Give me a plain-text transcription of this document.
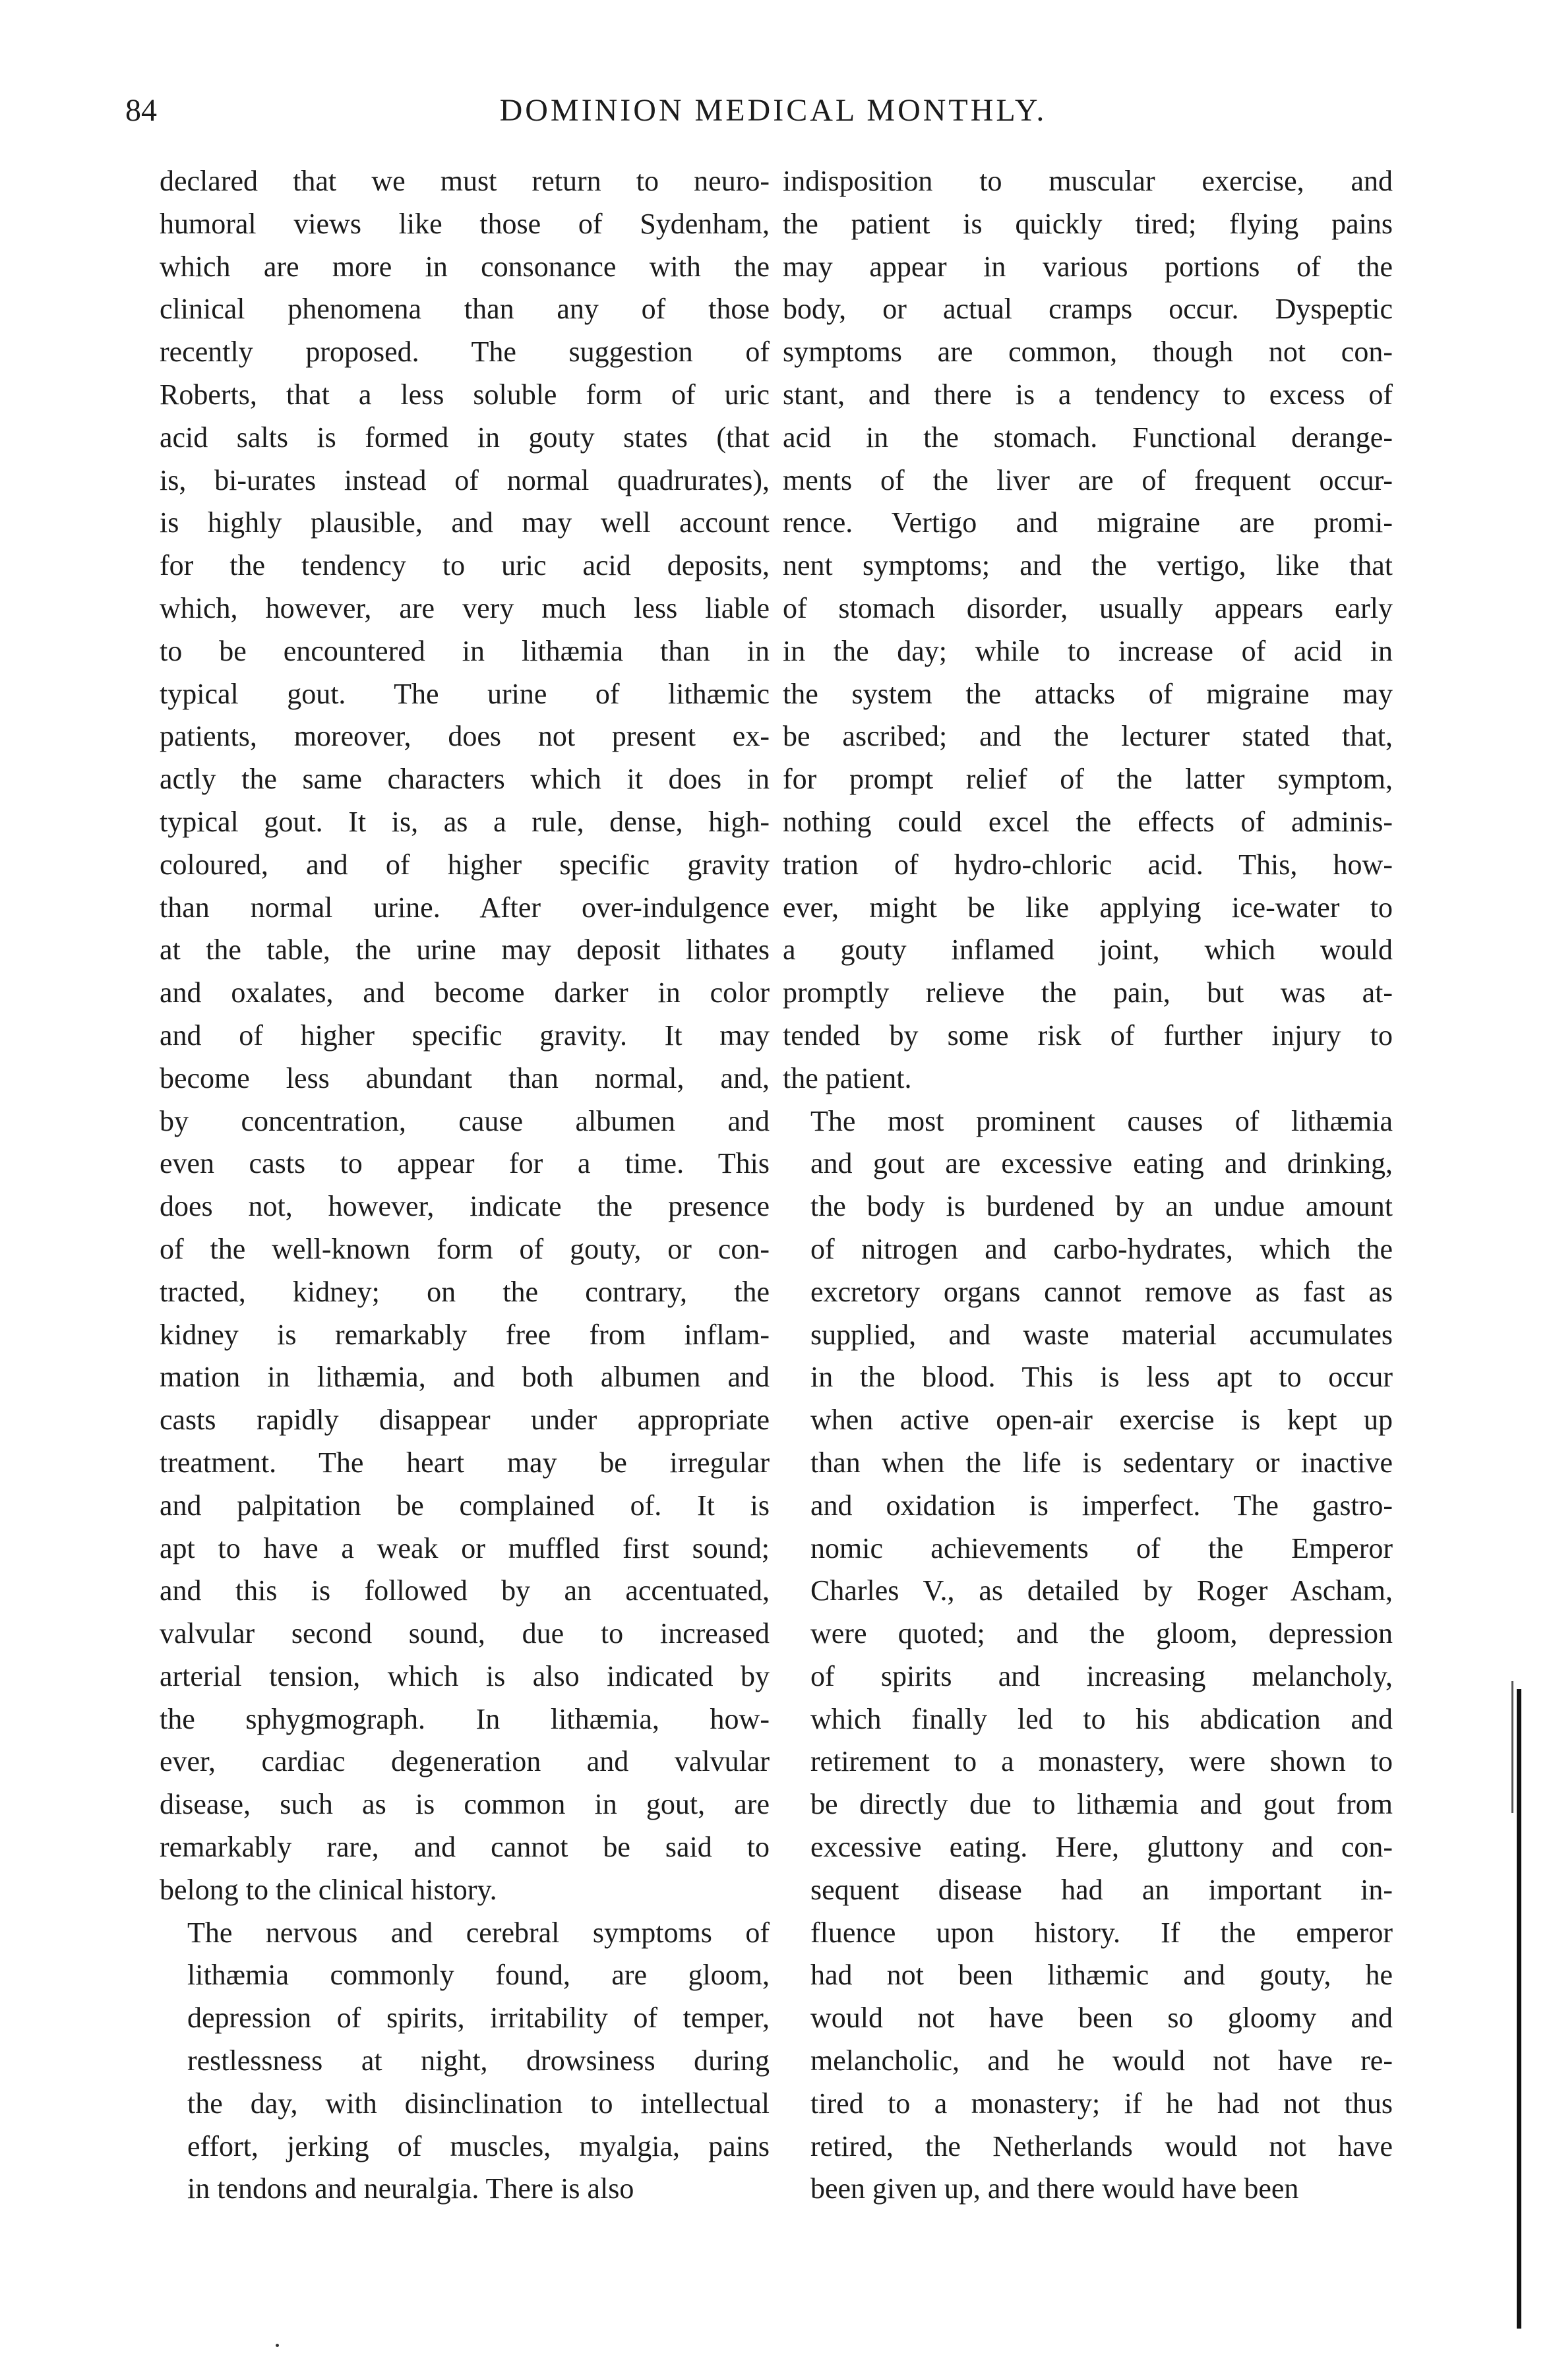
84	DOMINION MEDICAL MONTHLY.

declared that we must return to neuro-
humoral views like those of Sydenham,
which are more in consonance with the
clinical phenomena than any of those
recently proposed. The suggestion of
Roberts, that a less soluble form of uric
acid salts is formed in gouty states (that
is, bi-urates instead of normal quadrurates),
is highly plausible, and may well account
for the tendency to uric acid deposits,
which, however, are very much less liable
to be encountered in lithæmia than in
typical gout. The urine of lithæmic
patients, moreover, does not present ex-
actly the same characters which it does in
typical gout. It is, as a rule, dense, high-
coloured, and of higher specific gravity
than normal urine. After over-indulgence
at the table, the urine may deposit lithates
and oxalates, and become darker in color
and of higher specific gravity. It may
become less abundant than normal, and,
by concentration, cause albumen and
even casts to appear for a time. This
does not, however, indicate the presence
of the well-known form of gouty, or con-
tracted, kidney; on the contrary, the
kidney is remarkably free from inflam-
mation in lithæmia, and both albumen and
casts rapidly disappear under appropriate
treatment. The heart may be irregular
and palpitation be complained of. It is
apt to have a weak or muffled first sound;
and this is followed by an accentuated,
valvular second sound, due to increased
arterial tension, which is also indicated by
the sphygmograph. In lithæmia, how-
ever, cardiac degeneration and valvular
disease, such as is common in gout, are
remarkably rare, and cannot be said to
belong to the clinical history.

The nervous and cerebral symptoms of
lithæmia commonly found, are gloom,
depression of spirits, irritability of temper,
restlessness at night, drowsiness during
the day, with disinclination to intellectual
effort, jerking of muscles, myalgia, pains
in tendons and neuralgia. There is also

indisposition to muscular exercise, and
the patient is quickly tired; flying pains
may appear in various portions of the
body, or actual cramps occur. Dyspeptic
symptoms are common, though not con-
stant, and there is a tendency to excess of
acid in the stomach. Functional derange-
ments of the liver are of frequent occur-
rence. Vertigo and migraine are promi-
nent symptoms; and the vertigo, like that
of stomach disorder, usually appears early
in the day; while to increase of acid in
the system the attacks of migraine may
be ascribed; and the lecturer stated that,
for prompt relief of the latter symptom,
nothing could excel the effects of adminis-
tration of hydro-chloric acid. This, how-
ever, might be like applying ice-water to
a gouty inflamed joint, which would
promptly relieve the pain, but was at-
tended by some risk of further injury to
the patient.

The most prominent causes of lithæmia
and gout are excessive eating and drinking,
the body is burdened by an undue amount
of nitrogen and carbo-hydrates, which the
excretory organs cannot remove as fast as
supplied, and waste material accumulates
in the blood. This is less apt to occur
when active open-air exercise is kept up
than when the life is sedentary or inactive
and oxidation is imperfect. The gastro-
nomic achievements of the Emperor
Charles V., as detailed by Roger Ascham,
were quoted; and the gloom, depression
of spirits and increasing melancholy,
which finally led to his abdication and
retirement to a monastery, were shown to
be directly due to lithæmia and gout from
excessive eating. Here, gluttony and con-
sequent disease had an important in-
fluence upon history. If the emperor
had not been lithæmic and gouty, he
would not have been so gloomy and
melancholic, and he would not have re-
tired to a monastery; if he had not thus
retired, the Netherlands would not have
been given up, and there would have been
